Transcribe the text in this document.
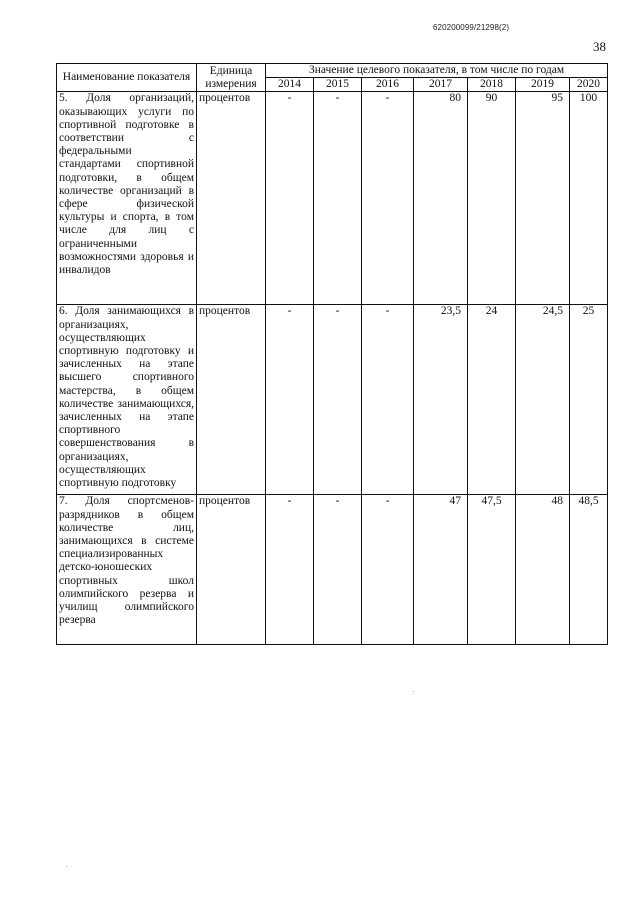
620200099/21298(2)
38
Наименование показателя	Единица измерения	Значение целевого показателя, в том числе по годам						
		2014	2015	2016	2017	2018	2019	2020
5. Доля организаций, оказывающих услуги по спортивной подготовке в соответствии с федеральными стандартами спортивной подготовки, в общем количестве организаций в сфере физической культуры и спорта, в том числе для лиц с ограниченными возможностями здоровья и инвалидов	процентов	-	-	-	80	90	95	100
6. Доля занимающихся в организациях, осуществляющих спортивную подготовку и зачисленных на этапе высшего спортивного мастерства, в общем количестве занимающихся, зачисленных на этапе спортивного совершенствования в организациях, осуществляющих спортивную подготовку	процентов	-	-	-	23,5	24	24,5	25
7. Доля спортсменов-разрядников в общем количестве лиц, занимающихся в системе специализированных детско-юношеских спортивных школ олимпийского резерва и училищ олимпийского резерва	процентов	-	-	-	47	47,5	48	48,5
